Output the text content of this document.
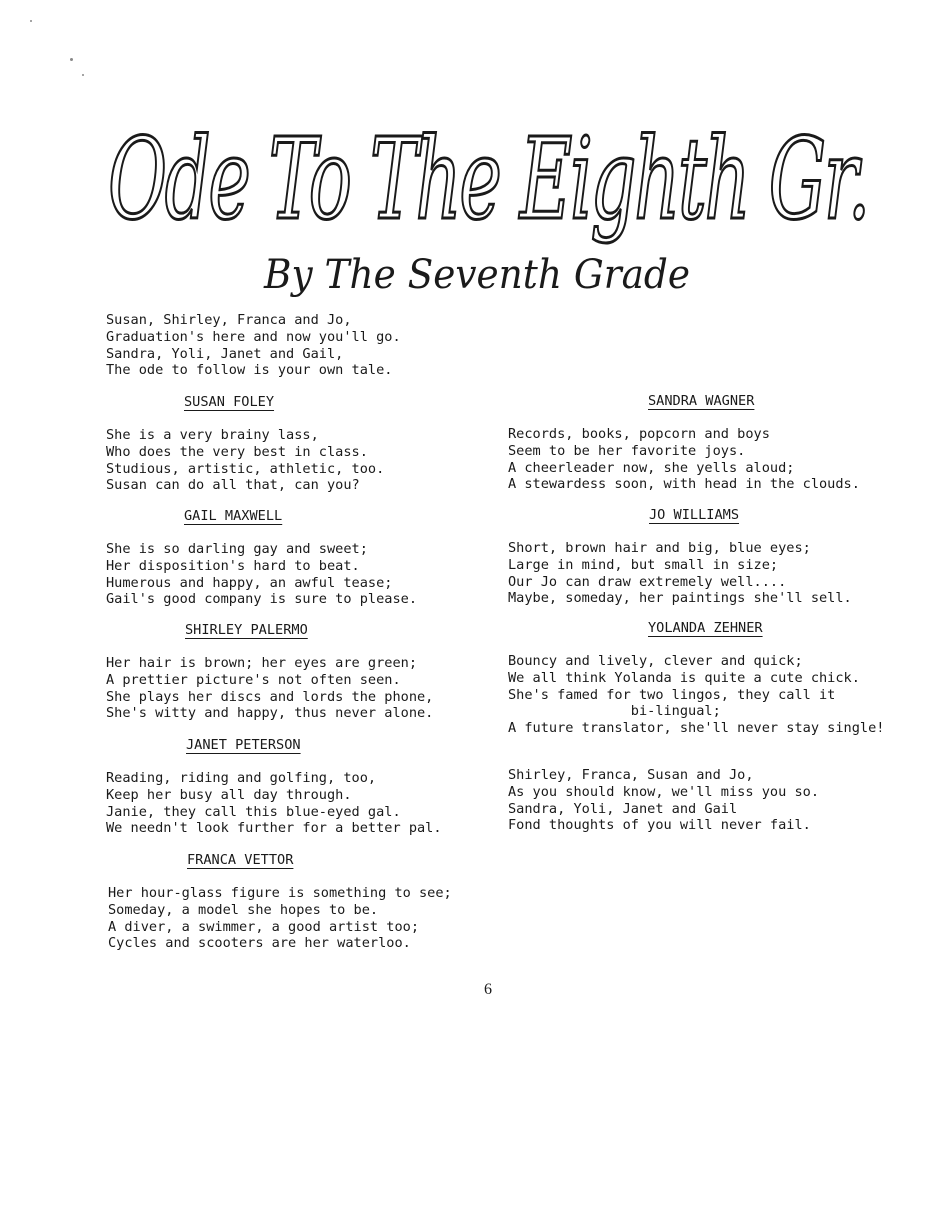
Ode To The Eighth Gr.
By The Seventh Grade
Susan, Shirley, Franca and Jo,
Graduation's here and now you'll go.
Sandra, Yoli, Janet and Gail,
The ode to follow is your own tale.
SUSAN FOLEY
She is a very brainy lass,
Who does the very best in class.
Studious, artistic, athletic, too.
Susan can do all that, can you?
GAIL MAXWELL
She is so darling gay and sweet;
Her disposition's hard to beat.
Humerous and happy, an awful tease;
Gail's good company is sure to please.
SHIRLEY PALERMO
Her hair is brown; her eyes are green;
A prettier picture's not often seen.
She plays her discs and lords the phone,
She's witty and happy, thus never alone.
JANET PETERSON
Reading, riding and golfing, too,
Keep her busy all day through.
Janie, they call this blue-eyed gal.
We needn't look further for a better pal.
FRANCA VETTOR
Her hour-glass figure is something to see;
Someday, a model she hopes to be.
A diver, a swimmer, a good artist too;
Cycles and scooters are her waterloo.
SANDRA WAGNER
Records, books, popcorn and boys
Seem to be her favorite joys.
A cheerleader now, she yells aloud;
A stewardess soon, with head in the clouds.
JO WILLIAMS
Short, brown hair and big, blue eyes;
Large in mind, but small in size;
Our Jo can draw extremely well....
Maybe, someday, her paintings she'll sell.
YOLANDA ZEHNER
Bouncy and lively, clever and quick;
We all think Yolanda is quite a cute chick.
She's famed for two lingos, they call it
bi-lingual;
A future translator, she'll never stay single!
Shirley, Franca, Susan and Jo,
As you should know, we'll miss you so.
Sandra, Yoli, Janet and Gail
Fond thoughts of you will never fail.
6
